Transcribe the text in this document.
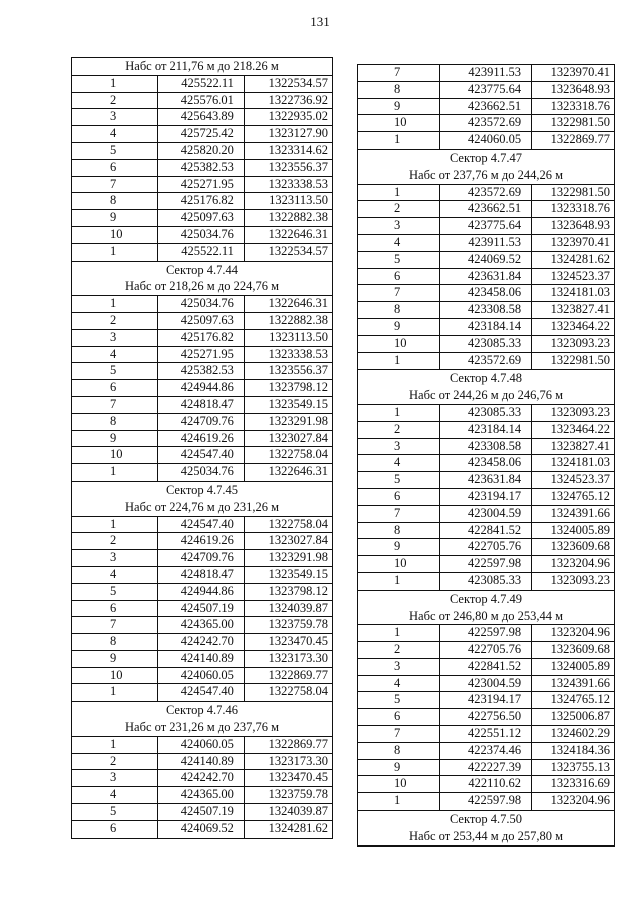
131
Набс от 211,76 м до 218.26 м
1	425522.11	1322534.57
2	425576.01	1322736.92
3	425643.89	1322935.02
4	425725.42	1323127.90
5	425820.20	1323314.62
6	425382.53	1323556.37
7	425271.95	1323338.53
8	425176.82	1323113.50
9	425097.63	1322882.38
10	425034.76	1322646.31
1	425522.11	1322534.57
Сектор 4.7.44
Набс от 218,26 м до 224,76 м
1	425034.76	1322646.31
2	425097.63	1322882.38
3	425176.82	1323113.50
4	425271.95	1323338.53
5	425382.53	1323556.37
6	424944.86	1323798.12
7	424818.47	1323549.15
8	424709.76	1323291.98
9	424619.26	1323027.84
10	424547.40	1322758.04
1	425034.76	1322646.31
Сектор 4.7.45
Набс от 224,76 м до 231,26 м
1	424547.40	1322758.04
2	424619.26	1323027.84
3	424709.76	1323291.98
4	424818.47	1323549.15
5	424944.86	1323798.12
6	424507.19	1324039.87
7	424365.00	1323759.78
8	424242.70	1323470.45
9	424140.89	1323173.30
10	424060.05	1322869.77
1	424547.40	1322758.04
Сектор 4.7.46
Набс от 231,26 м до 237,76 м
1	424060.05	1322869.77
2	424140.89	1323173.30
3	424242.70	1323470.45
4	424365.00	1323759.78
5	424507.19	1324039.87
6	424069.52	1324281.62
7	423911.53	1323970.41
8	423775.64	1323648.93
9	423662.51	1323318.76
10	423572.69	1322981.50
1	424060.05	1322869.77
Сектор 4.7.47
Набс от 237,76 м до 244,26 м
1	423572.69	1322981.50
2	423662.51	1323318.76
3	423775.64	1323648.93
4	423911.53	1323970.41
5	424069.52	1324281.62
6	423631.84	1324523.37
7	423458.06	1324181.03
8	423308.58	1323827.41
9	423184.14	1323464.22
10	423085.33	1323093.23
1	423572.69	1322981.50
Сектор 4.7.48
Набс от 244,26 м до 246,76 м
1	423085.33	1323093.23
2	423184.14	1323464.22
3	423308.58	1323827.41
4	423458.06	1324181.03
5	423631.84	1324523.37
6	423194.17	1324765.12
7	423004.59	1324391.66
8	422841.52	1324005.89
9	422705.76	1323609.68
10	422597.98	1323204.96
1	423085.33	1323093.23
Сектор 4.7.49
Набс от 246,80 м до 253,44 м
1	422597.98	1323204.96
2	422705.76	1323609.68
3	422841.52	1324005.89
4	423004.59	1324391.66
5	423194.17	1324765.12
6	422756.50	1325006.87
7	422551.12	1324602.29
8	422374.46	1324184.36
9	422227.39	1323755.13
10	422110.62	1323316.69
1	422597.98	1323204.96
Сектор 4.7.50
Набс от 253,44 м до 257,80 м
